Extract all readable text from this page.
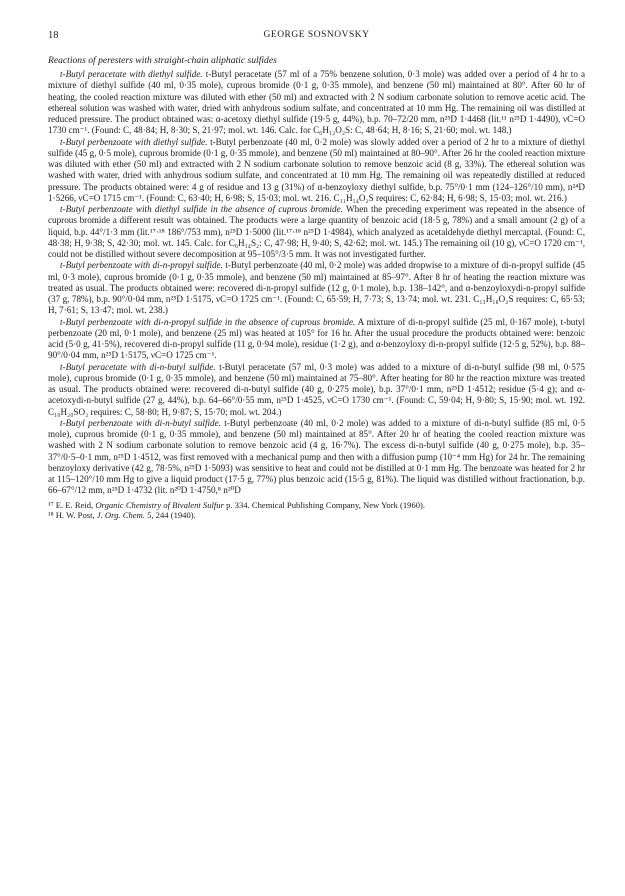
18	GEORGE SOSNOVSKY
Reactions of peresters with straight-chain aliphatic sulfides

t-Butyl peracetate with diethyl sulfide. t-Butyl peracetate (57 ml of a 75% benzene solution, 0·3 mole) was added over a period of 4 hr to a mixture of diethyl sulfide (40 ml, 0·35 mole), cuprous bromide (0·1 g, 0·35 mmole), and benzene (50 ml) maintained at 80°. After 60 hr of heating, the cooled reaction mixture was diluted with ether (50 ml) and extracted with 2 N sodium carbonate solution to remove acetic acid. The ethereal solution was washed with water, dried with anhydrous sodium sulfate, and concentrated at 10 mm Hg. The remaining oil was distilled at reduced pressure. The product obtained was: α-acetoxy diethyl sulfide (19·5 g, 44%), b.p. 70–72/20 mm, n²⁵D 1·4468 (lit.¹¹ n²⁵D 1·4490), νC=O 1730 cm⁻¹. (Found: C, 48·84; H, 8·30; S, 21·97; mol. wt. 146. Calc. for C₆H₁₂O₂S: C, 48·64; H, 8·16; S, 21·60; mol. wt. 148.)

t-Butyl perbenzoate with diethyl sulfide. t-Butyl perbenzoate (40 ml, 0·2 mole) was slowly added over a period of 2 hr to a mixture of diethyl sulfide (45 g, 0·5 mole), cuprous bromide (0·1 g, 0·35 mmole), and benzene (50 ml) maintained at 80–90°. After 26 hr the cooled reaction mixture was diluted with ether (50 ml) and extracted with 2 N sodium carbonate solution to remove benzoic acid (8 g, 33%). The ethereal solution was washed with water, dried with anhydrous sodium sulfate, and concentrated at 10 mm Hg. The remaining oil was repeatedly distilled at reduced pressure. The products obtained were: 4 g of residue and 13 g (31%) of α-benzoyloxy diethyl sulfide, b.p. 75°/0·1 mm (124–126°/10 mm), n²⁴D 1·5266, νC=O 1715 cm⁻¹. (Found: C, 63·40; H, 6·98; S, 15·03; mol. wt. 216. C₁₁H₁₄O₂S requires: C, 62·84; H, 6·98; S, 15·03; mol. wt. 216.)

t-Butyl perbenzoate with diethyl sulfide in the absence of cuprous bromide. When the preceding experiment was repeated in the absence of cuprous bromide a different result was obtained. The products were a large quantity of benzoic acid (18·5 g, 78%) and a small amount (2 g) of a liquid, b.p. 44°/1·3 mm (lit.¹⁷·¹⁸ 186°/753 mm), n²⁵D 1·5000 (lit.¹⁷·¹⁸ n²⁵D 1·4984), which analyzed as acetaldehyde diethyl mercaptal. (Found: C, 48·38; H, 9·38; S, 42·30; mol. wt. 145. Calc. for C₆H₁₄S₂: C, 47·98; H, 9·40; S, 42·62; mol. wt. 145.) The remaining oil (10 g), νC=O 1720 cm⁻¹, could not be distilled without severe decomposition at 95–105°/3·5 mm. It was not investigated further.

t-Butyl perbenzoate with di-n-propyl sulfide. t-Butyl perbenzoate (40 ml, 0·2 mole) was added dropwise to a mixture of di-n-propyl sulfide (45 ml, 0·3 mole), cuprous bromide (0·1 g, 0·35 mmole), and benzene (50 ml) maintained at 85–97°. After 8 hr of heating the reaction mixture was treated as usual. The products obtained were: recovered di-n-propyl sulfide (12 g, 0·1 mole), b.p. 138–142°, and α-benzoyloxydi-n-propyl sulfide (37 g, 78%), b.p. 90°/0·04 mm, n²⁵D 1·5175, νC=O 1725 cm⁻¹. (Found: C, 65·59; H, 7·73; S, 13·74; mol. wt. 231. C₁₃H₁₈O₂S requires: C, 65·53; H, 7·61; S, 13·47; mol. wt. 238.)

t-Butyl perbenzoate with di-n-propyl sulfide in the absence of cuprous bromide. A mixture of di-n-propyl sulfide (25 ml, 0·167 mole), t-butyl perbenzoate (20 ml, 0·1 mole), and benzene (25 ml) was heated at 105° for 16 hr. After the usual procedure the products obtained were: benzoic acid (5·0 g, 41·5%), recovered di-n-propyl sulfide (11 g, 0·94 mole), residue (1·2 g), and α-benzoyloxy di-n-propyl sulfide (12·5 g, 52%), b.p. 88–90°/0·04 mm, n²⁵D 1·5175, νC=O 1725 cm⁻¹.

t-Butyl peracetate with di-n-butyl sulfide. t-Butyl peracetate (57 ml, 0·3 mole) was added to a mixture of di-n-butyl sulfide (98 ml, 0·575 mole), cuprous bromide (0·1 g, 0·35 mmole), and benzene (50 ml) maintained at 75–80°. After heating for 80 hr the reaction mixture was treated as usual. The products obtained were: recovered di-n-butyl sulfide (40 g, 0·275 mole), b.p. 37°/0·1 mm, n²⁵D 1·4512; residue (5·4 g); and α-acetoxydi-n-butyl sulfide (27 g, 44%), b.p. 64–66°/0·55 mm, n²⁵D 1·4525, νC=O 1730 cm⁻¹. (Found: C, 59·04; H, 9·80; S, 15·90; mol. wt. 192. C₁₀H₂₀SO₂ requires: C, 58·80; H, 9·87; S, 15·70; mol. wt. 204.)

t-Butyl perbenzoate with di-n-butyl sulfide. t-Butyl perbenzoate (40 ml, 0·2 mole) was added to a mixture of di-n-butyl sulfide (85 ml, 0·5 mole), cuprous bromide (0·1 g, 0·35 mmole), and benzene (50 ml) maintained at 85°. After 20 hr of heating the cooled reaction mixture was washed with 2 N sodium carbonate solution to remove benzoic acid (4 g, 16·7%). The excess di-n-butyl sulfide (40 g, 0·275 mole), b.p. 35–37°/0·5–0·1 mm, n²⁵D 1·4512, was first removed with a mechanical pump and then with a diffusion pump (10⁻⁴ mm Hg) for 24 hr. The remaining benzoyloxy derivative (42 g, 78·5%, n²⁵D 1·5093) was sensitive to heat and could not be distilled at 0·1 mm Hg. The benzoate was heated for 2 hr at 115–120°/10 mm Hg to give a liquid product (17·5 g, 77%) plus benzoic acid (15·5 g, 81%). The liquid was distilled without fractionation, b.p. 66–67°/12 mm, n²⁵D 1·4732 (lit. n²⁰D 1·4750,⁸ n²⁰D

¹⁷ E. E. Reid, Organic Chemistry of Bivalent Sulfur p. 334. Chemical Publishing Company, New York (1960).

¹⁸ H. W. Post, J. Org. Chem. 5, 244 (1940).
